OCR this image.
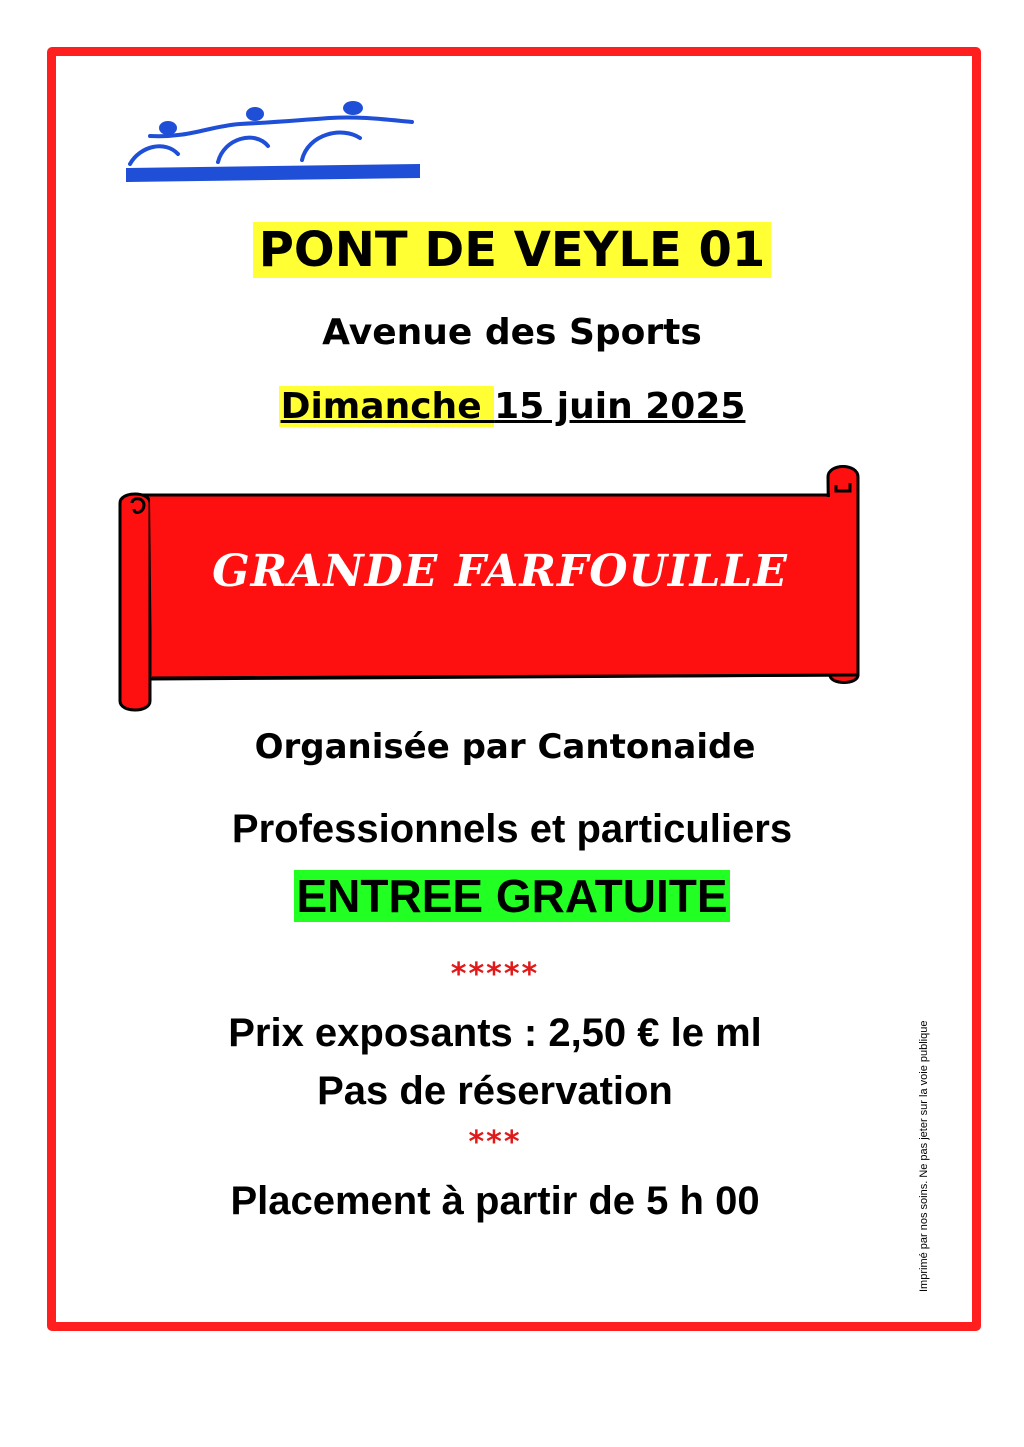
PONT DE VEYLE 01
Avenue des Sports
Dimanche 15 juin 2025
GRANDE FARFOUILLE
Organisée par Cantonaide
Professionnels et particuliers
ENTREE GRATUITE
*****
Prix exposants : 2,50 € le ml
Pas de réservation
***
Placement à partir de 5 h 00	Imprimé par nos soins. Ne pas jeter sur la voie publique
